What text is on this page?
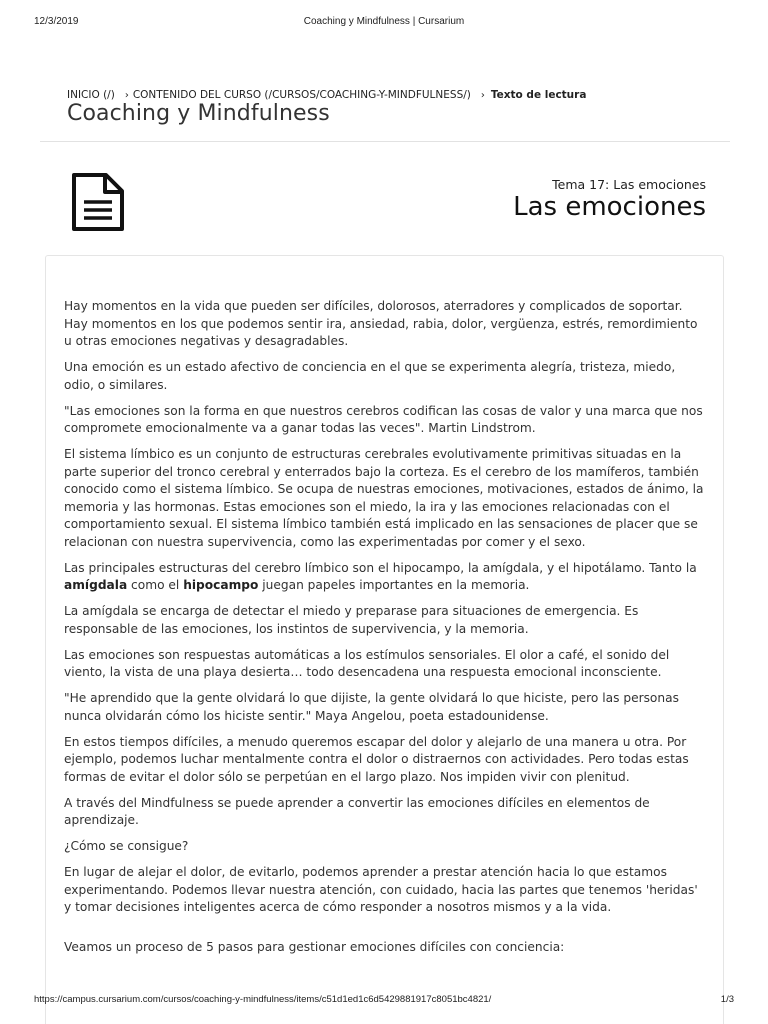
12/3/2019	Coaching y Mindfulness | Cursarium
INICIO (/) › CONTENIDO DEL CURSO (/CURSOS/COACHING-Y-MINDFULNESS/) › Texto de lectura
Coaching y Mindfulness
Tema 17: Las emociones
Las emociones

Hay momentos en la vida que pueden ser difíciles, dolorosos, aterradores y complicados de soportar. Hay momentos en los que podemos sentir ira, ansiedad, rabia, dolor, vergüenza, estrés, remordimiento u otras emociones negativas y desagradables.

Una emoción es un estado afectivo de conciencia en el que se experimenta alegría, tristeza, miedo, odio, o similares.

"Las emociones son la forma en que nuestros cerebros codifican las cosas de valor y una marca que nos compromete emocionalmente va a ganar todas las veces". Martin Lindstrom.

El sistema límbico es un conjunto de estructuras cerebrales evolutivamente primitivas situadas en la parte superior del tronco cerebral y enterrados bajo la corteza. Es el cerebro de los mamíferos, también conocido como el sistema límbico. Se ocupa de nuestras emociones, motivaciones, estados de ánimo, la memoria y las hormonas. Estas emociones son el miedo, la ira y las emociones relacionadas con el comportamiento sexual. El sistema límbico también está implicado en las sensaciones de placer que se relacionan con nuestra supervivencia, como las experimentadas por comer y el sexo.

Las principales estructuras del cerebro límbico son el hipocampo, la amígdala, y el hipotálamo. Tanto la amígdala como el hipocampo juegan papeles importantes en la memoria.

La amígdala se encarga de detectar el miedo y preparase para situaciones de emergencia. Es responsable de las emociones, los instintos de supervivencia, y la memoria.

Las emociones son respuestas automáticas a los estímulos sensoriales. El olor a café, el sonido del viento, la vista de una playa desierta… todo desencadena una respuesta emocional inconsciente.

"He aprendido que la gente olvidará lo que dijiste, la gente olvidará lo que hiciste, pero las personas nunca olvidarán cómo los hiciste sentir." Maya Angelou, poeta estadounidense.

En estos tiempos difíciles, a menudo queremos escapar del dolor y alejarlo de una manera u otra. Por ejemplo, podemos luchar mentalmente contra el dolor o distraernos con actividades. Pero todas estas formas de evitar el dolor sólo se perpetúan en el largo plazo. Nos impiden vivir con plenitud.

A través del Mindfulness se puede aprender a convertir las emociones difíciles en elementos de aprendizaje.

¿Cómo se consigue?

En lugar de alejar el dolor, de evitarlo, podemos aprender a prestar atención hacia lo que estamos experimentando. Podemos llevar nuestra atención, con cuidado, hacia las partes que tenemos 'heridas' y tomar decisiones inteligentes acerca de cómo responder a nosotros mismos y a la vida.

Veamos un proceso de 5 pasos para gestionar emociones difíciles con conciencia:

https://campus.cursarium.com/cursos/coaching-y-mindfulness/items/c51d1ed1c6d5429881917c8051bc4821/	1/3
